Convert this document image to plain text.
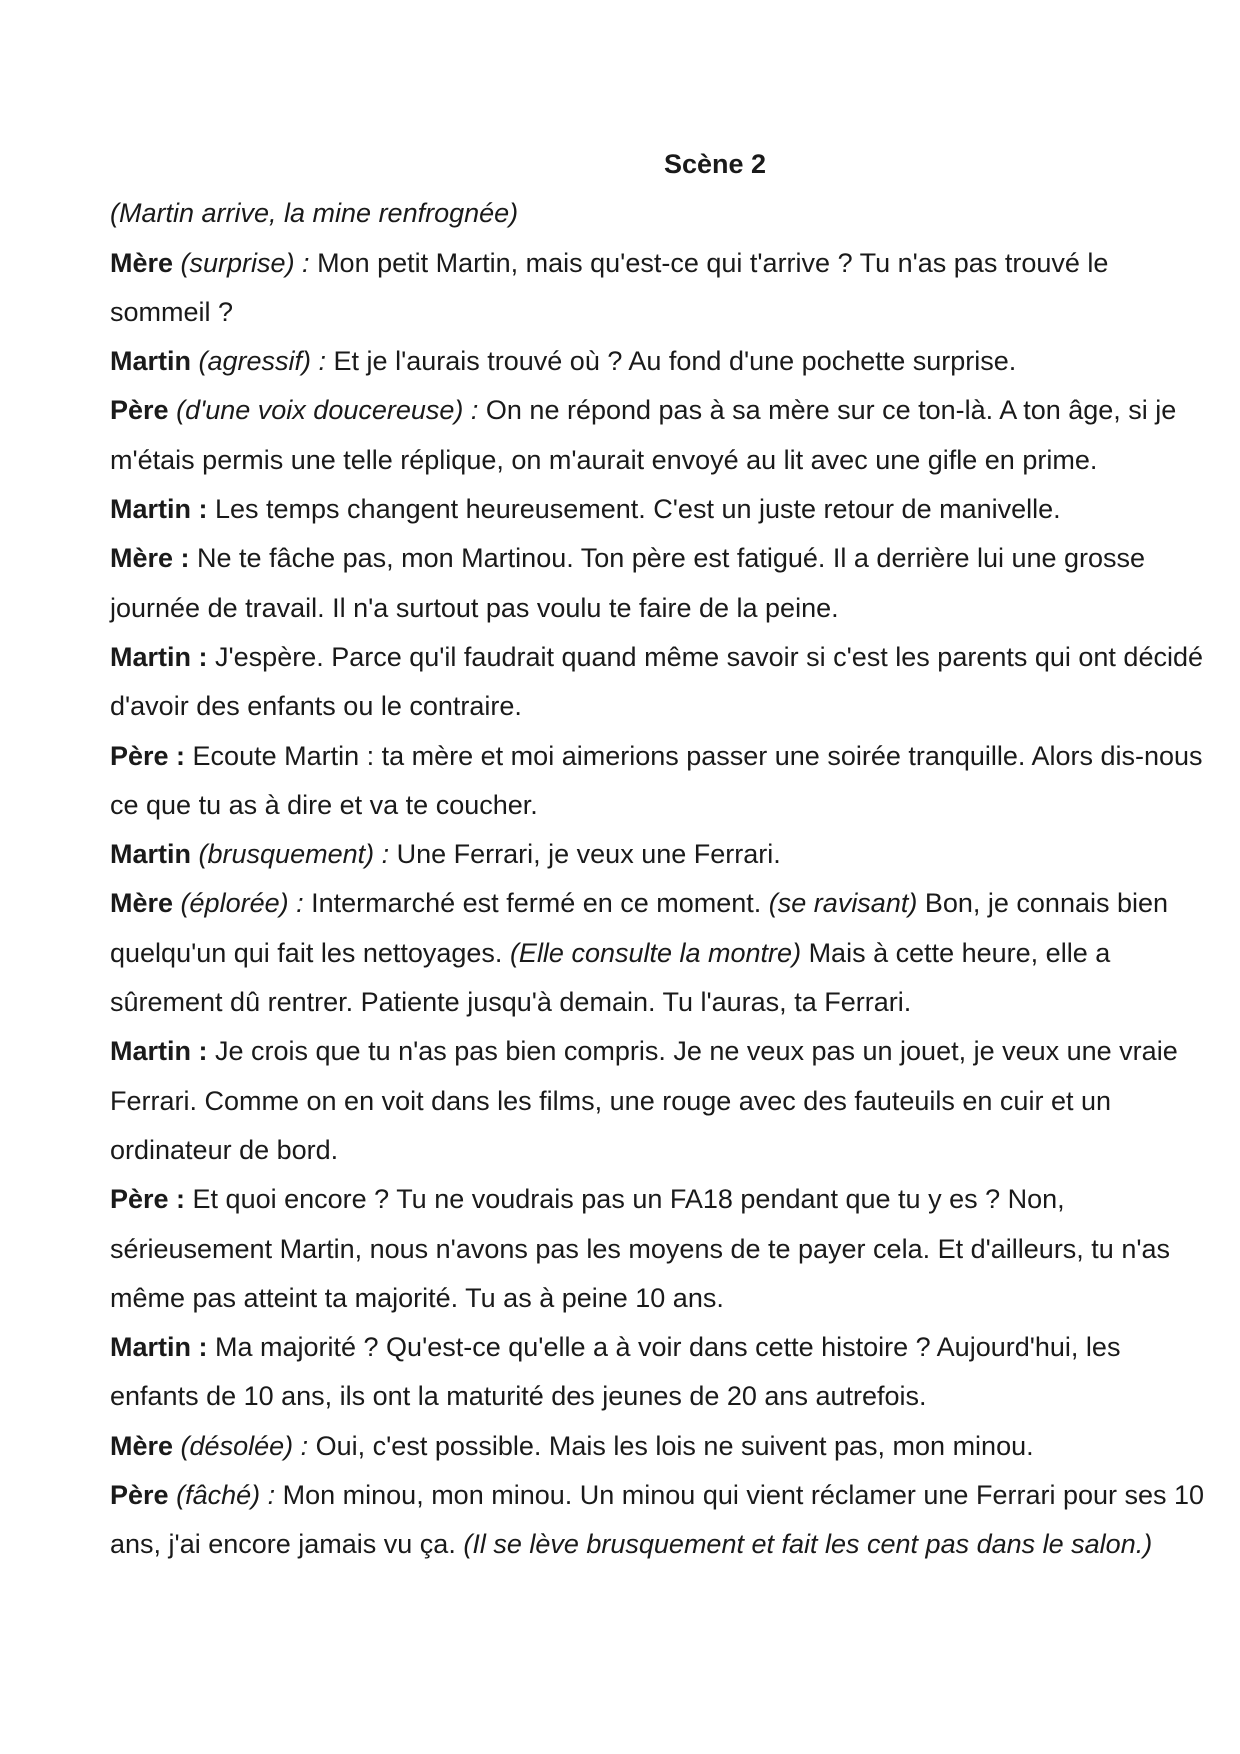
Scène 2

(Martin arrive, la mine renfrognée)

Mère (surprise) : Mon petit Martin, mais qu'est-ce qui t'arrive ? Tu n'as pas trouvé le sommeil ?

Martin (agressif) : Et je l'aurais trouvé où ? Au fond d'une pochette surprise.

Père (d'une voix doucereuse) : On ne répond pas à sa mère sur ce ton-là. A ton âge, si je m'étais permis une telle réplique, on m'aurait envoyé au lit avec une gifle en prime.

Martin : Les temps changent heureusement. C'est un juste retour de manivelle.

Mère : Ne te fâche pas, mon Martinou. Ton père est fatigué. Il a derrière lui une grosse journée de travail. Il n'a surtout pas voulu te faire de la peine.

Martin : J'espère. Parce qu'il faudrait quand même savoir si c'est les parents qui ont décidé d'avoir des enfants ou le contraire.

Père : Ecoute Martin : ta mère et moi aimerions passer une soirée tranquille. Alors dis-nous ce que tu as à dire et va te coucher.

Martin (brusquement) : Une Ferrari, je veux une Ferrari.

Mère (éplorée) : Intermarché est fermé en ce moment. (se ravisant) Bon, je connais bien quelqu'un qui fait les nettoyages. (Elle consulte la montre) Mais à cette heure, elle a sûrement dû rentrer. Patiente jusqu'à demain. Tu l'auras, ta Ferrari.

Martin : Je crois que tu n'as pas bien compris. Je ne veux pas un jouet, je veux une vraie Ferrari. Comme on en voit dans les films, une rouge avec des fauteuils en cuir et un ordinateur de bord.

Père : Et quoi encore ? Tu ne voudrais pas un FA18 pendant que tu y es ? Non, sérieusement Martin, nous n'avons pas les moyens de te payer cela. Et d'ailleurs, tu n'as même pas atteint ta majorité. Tu as à peine 10 ans.

Martin : Ma majorité ? Qu'est-ce qu'elle a à voir dans cette histoire ? Aujourd'hui, les enfants de 10 ans, ils ont la maturité des jeunes de 20 ans autrefois.

Mère (désolée) : Oui, c'est possible. Mais les lois ne suivent pas, mon minou.

Père (fâché) : Mon minou, mon minou. Un minou qui vient réclamer une Ferrari pour ses 10 ans, j'ai encore jamais vu ça. (Il se lève brusquement et fait les cent pas dans le salon.)
